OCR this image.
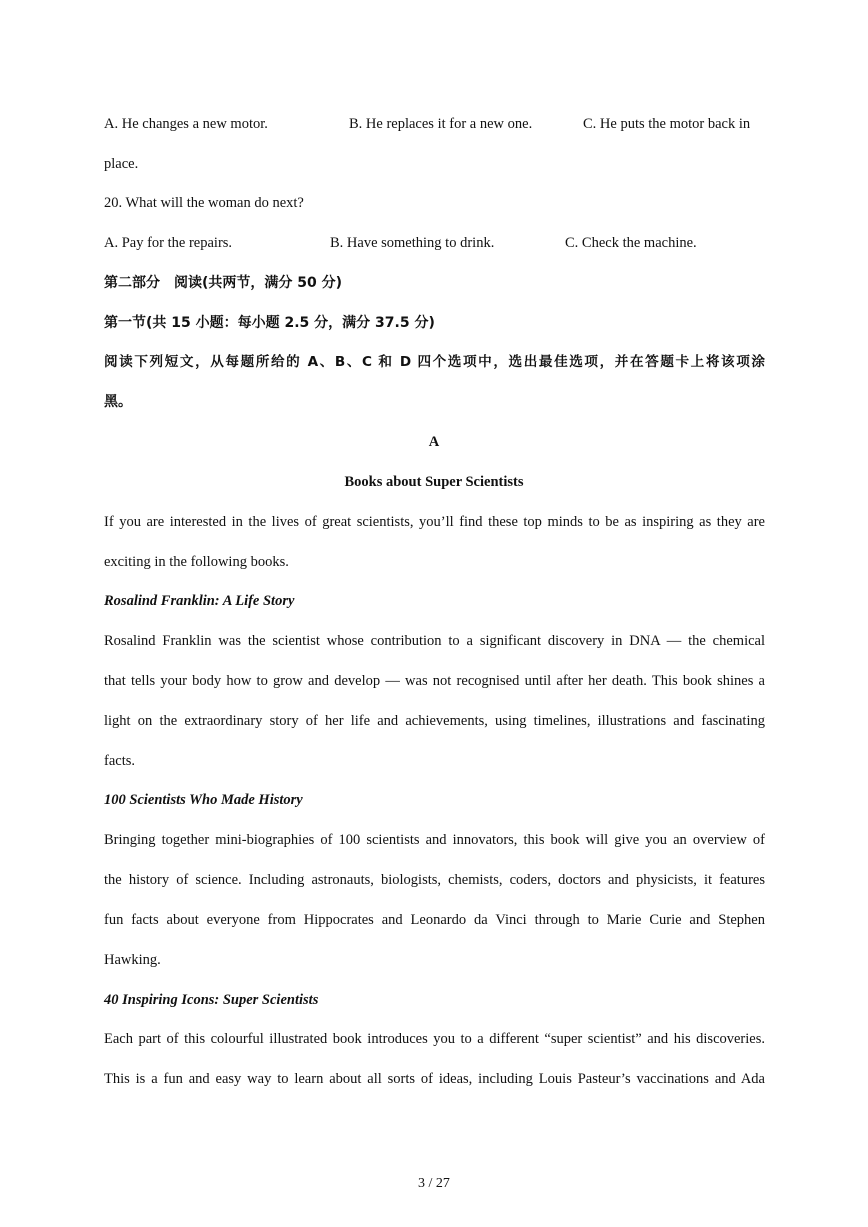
A. He changes a new motor.	B. He replaces it for a new one.	C. He puts the motor back in
place.
20. What will the woman do next?
A. Pay for the repairs.	B. Have something to drink.	C. Check the machine.
第二部分　阅读(共两节，满分 50 分)
第一节(共 15 小题：每小题 2.5 分，满分 37.5 分)
阅读下列短文，从每题所给的 A、B、C 和 D 四个选项中，选出最佳选项，并在答题卡上将该项涂
黑。
A
Books about Super Scientists
If you are interested in the lives of great scientists, you’ll find these top minds to be as inspiring as they are
exciting in the following books.
Rosalind Franklin: A Life Story
Rosalind Franklin was the scientist whose contribution to a significant discovery in DNA — the chemical
that tells your body how to grow and develop — was not recognised until after her death. This book shines a
light on the extraordinary story of her life and achievements, using timelines, illustrations and fascinating
facts.
100 Scientists Who Made History
Bringing together mini-biographies of 100 scientists and innovators, this book will give you an overview of
the history of science. Including astronauts, biologists, chemists, coders, doctors and physicists, it features
fun facts about everyone from Hippocrates and Leonardo da Vinci through to Marie Curie and Stephen
Hawking.
40 Inspiring Icons: Super Scientists
Each part of this colourful illustrated book introduces you to a different “super scientist” and his discoveries.
This is a fun and easy way to learn about all sorts of ideas, including Louis Pasteur’s vaccinations and Ada
3 / 27
